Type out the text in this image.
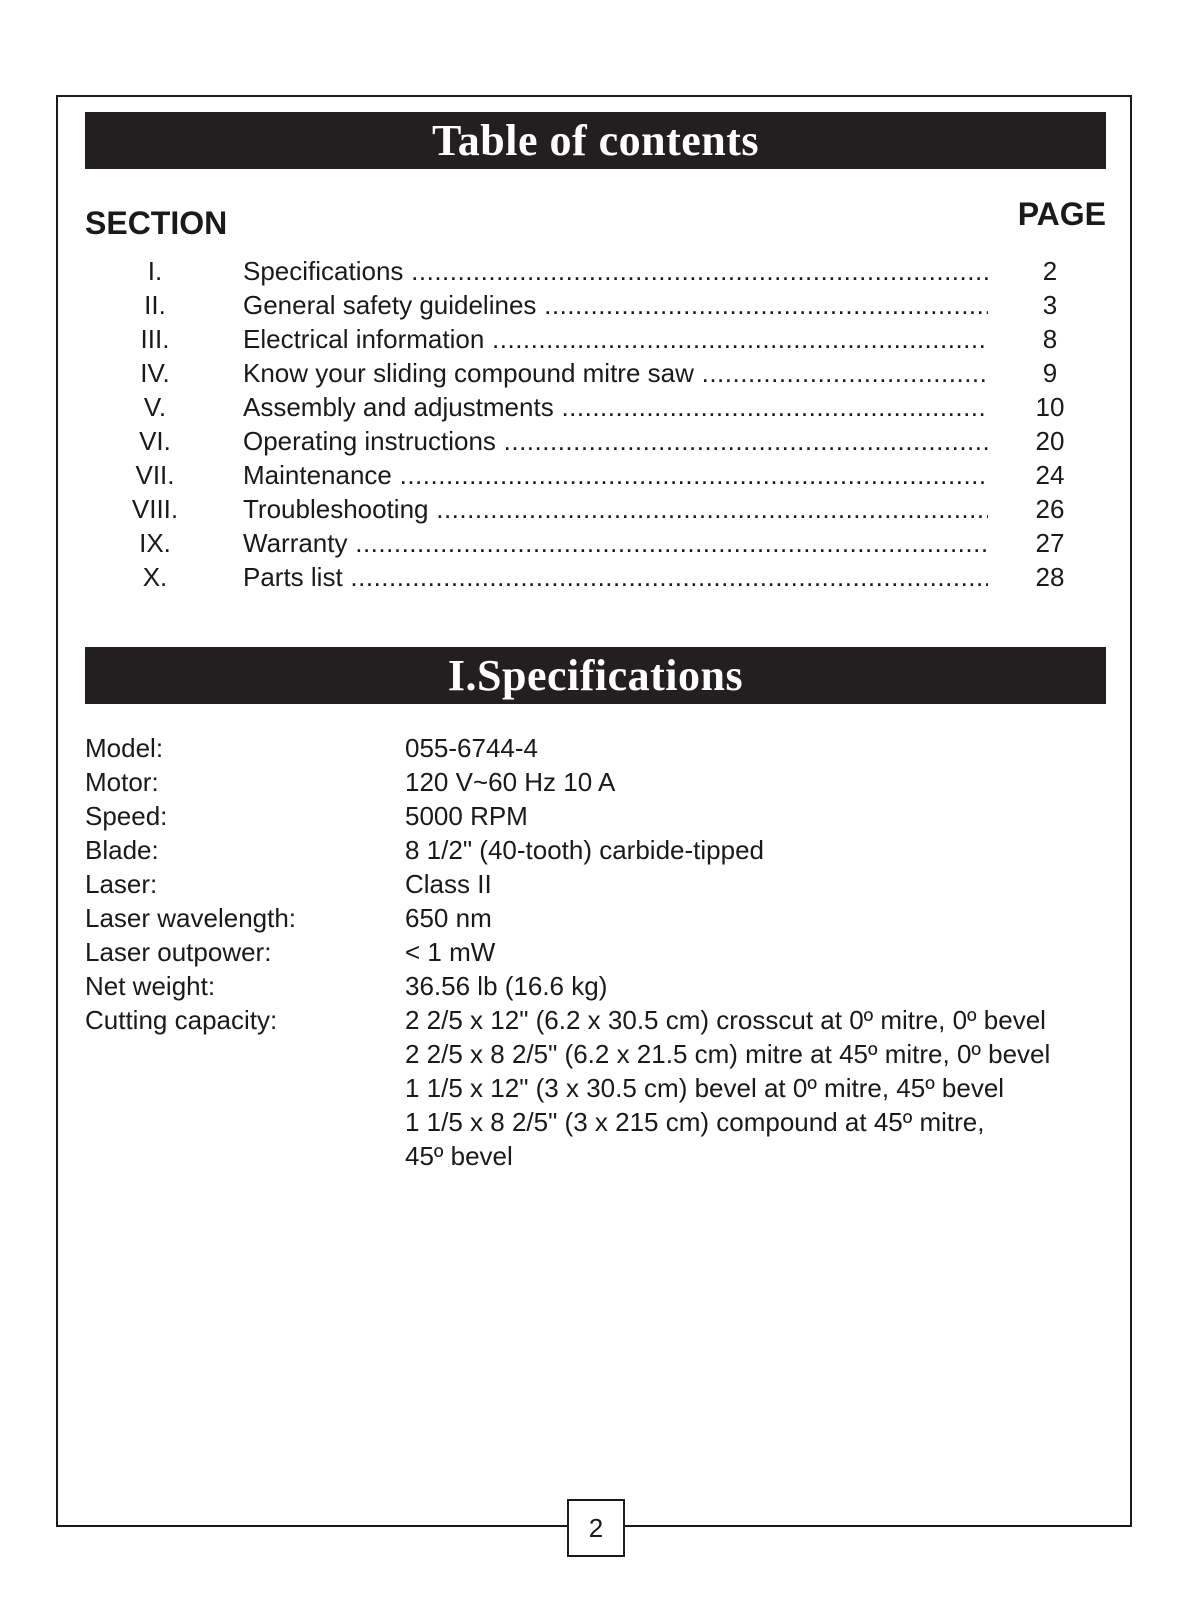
Table of contents
SECTION	PAGE
I.	Specifications .....	2
II.	General safety guidelines .....	3
III.	Electrical information .....	8
IV.	Know your sliding compound mitre saw .....	9
V.	Assembly and adjustments .....	10
VI.	Operating instructions .....	20
VII.	Maintenance .....	24
VIII.	Troubleshooting .....	26
IX.	Warranty .....	27
X.	Parts list .....	28
I.Specifications
Model:	055-6744-4
Motor:	120 V~60 Hz 10 A
Speed:	5000 RPM
Blade:	8 1/2" (40-tooth) carbide-tipped
Laser:	Class II
Laser wavelength:	650 nm
Laser outpower:	< 1 mW
Net weight:	36.56 lb (16.6 kg)
Cutting capacity:	2 2/5 x 12" (6.2 x 30.5 cm) crosscut at 0º mitre, 0º bevel
2 2/5 x 8 2/5" (6.2 x 21.5 cm) mitre at 45º mitre, 0º bevel
1 1/5 x 12" (3 x 30.5 cm) bevel at 0º mitre, 45º bevel
1 1/5 x 8 2/5" (3 x 215 cm) compound at 45º mitre,
45º bevel
2
